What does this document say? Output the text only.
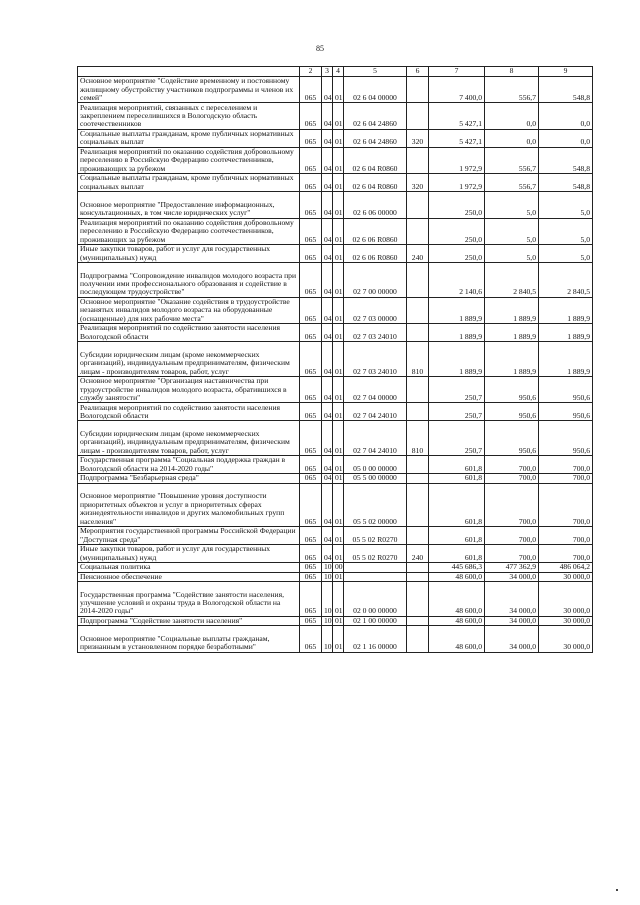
85
	2	3	4	5	6	7	8	9
Основное мероприятие "Содействие временному и постоянному жилищному обустройству участников подпрограммы и членов их семей"	065	04	01	02 6 04 00000		7 400,0	556,7	548,8
Реализация мероприятий, связанных с переселением и закреплением переселившихся в Вологодскую область соотечественников	065	04	01	02 6 04 24860		5 427,1	0,0	0,0
Социальные выплаты гражданам, кроме публичных нормативных социальных выплат	065	04	01	02 6 04 24860	320	5 427,1	0,0	0,0
Реализация мероприятий по оказанию содействия добровольному переселению в Российскую Федерацию соотечественников, проживающих за рубежом	065	04	01	02 6 04 R0860		1 972,9	556,7	548,8
Социальные выплаты гражданам, кроме публичных нормативных социальных выплат	065	04	01	02 6 04 R0860	320	1 972,9	556,7	548,8
Основное мероприятие "Предоставление информационных, консультационных, в том числе юридических услуг"	065	04	01	02 6 06 00000		250,0	5,0	5,0
Реализация мероприятий по оказанию содействия добровольному переселению в Российскую Федерацию соотечественников, проживающих за рубежом	065	04	01	02 6 06 R0860		250,0	5,0	5,0
Иные закупки товаров, работ и услуг для государственных (муниципальных) нужд	065	04	01	02 6 06 R0860	240	250,0	5,0	5,0
Подпрограмма "Сопровождение инвалидов молодого возраста при получении ими профессионального образования и содействие в последующем трудоустройстве"	065	04	01	02 7 00 00000		2 140,6	2 840,5	2 840,5
Основное мероприятие "Оказание содействия в трудоустройстве незанятых инвалидов молодого возраста на оборудованные (оснащенные) для них рабочие места"	065	04	01	02 7 03 00000		1 889,9	1 889,9	1 889,9
Реализация мероприятий по содействию занятости населения Вологодской области	065	04	01	02 7 03 24010		1 889,9	1 889,9	1 889,9
Субсидии юридическим лицам (кроме некоммерческих организаций), индивидуальным предпринимателям, физическим лицам - производителям товаров, работ, услуг	065	04	01	02 7 03 24010	810	1 889,9	1 889,9	1 889,9
Основное мероприятие "Организация наставничества при трудоустройстве инвалидов молодого возраста, обратившихся в службу занятости"	065	04	01	02 7 04 00000		250,7	950,6	950,6
Реализация мероприятий по содействию занятости населения Вологодской области	065	04	01	02 7 04 24010		250,7	950,6	950,6
Субсидии юридическим лицам (кроме некоммерческих организаций), индивидуальным предпринимателям, физическим лицам - производителям товаров, работ, услуг	065	04	01	02 7 04 24010	810	250,7	950,6	950,6
Государственная программа "Социальная поддержка граждан в Вологодской области на 2014-2020 годы"	065	04	01	05 0 00 00000		601,8	700,0	700,0
Подпрограмма "Безбарьерная среда"	065	04	01	05 5 00 00000		601,8	700,0	700,0
Основное мероприятие "Повышение уровня доступности приоритетных объектов и услуг в приоритетных сферах жизнедеятельности инвалидов и других маломобильных групп населения"	065	04	01	05 5 02 00000		601,8	700,0	700,0
Мероприятия государственной программы Российской Федерации "Доступная среда"	065	04	01	05 5 02 R0270		601,8	700,0	700,0
Иные закупки товаров, работ и услуг для государственных (муниципальных) нужд	065	04	01	05 5 02 R0270	240	601,8	700,0	700,0
Социальная политика	065	10	00			445 686,3	477 362,9	486 064,2
Пенсионное обеспечение	065	10	01			48 600,0	34 000,0	30 000,0
Государственная программа "Содействие занятости населения, улучшение условий и охраны труда в Вологодской области на 2014-2020 годы"	065	10	01	02 0 00 00000		48 600,0	34 000,0	30 000,0
Подпрограмма "Содействие занятости населения"	065	10	01	02 1 00 00000		48 600,0	34 000,0	30 000,0
Основное мероприятие "Социальные выплаты гражданам, признанным в установленном порядке безработными"	065	10	01	02 1 16 00000		48 600,0	34 000,0	30 000,0
